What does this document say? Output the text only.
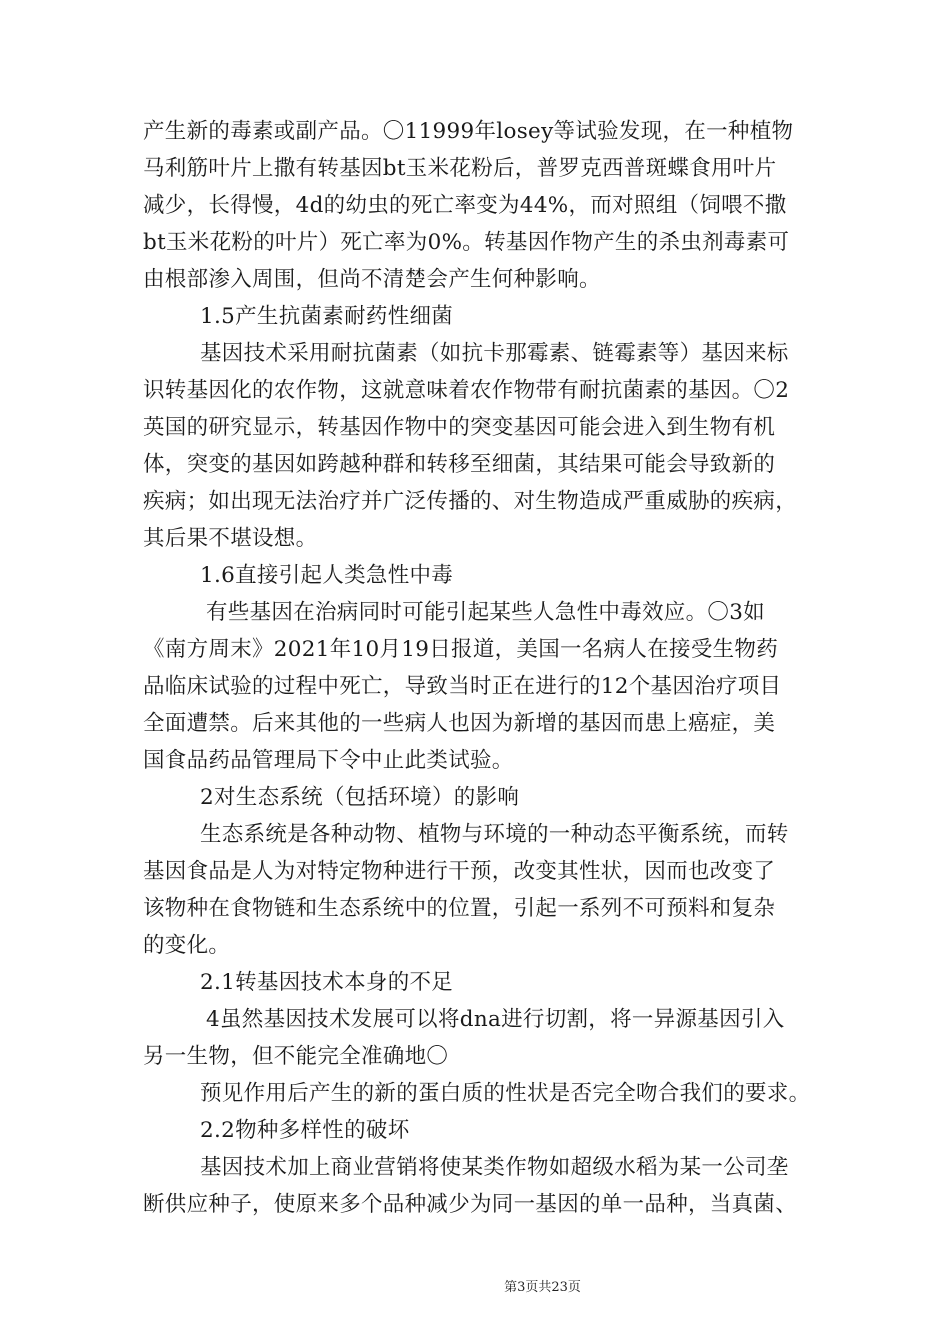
产生新的毒素或副产品。〇11999年losey等试验发现，在一种植物
马利筋叶片上撒有转基因bt玉米花粉后，普罗克西普斑蝶食用叶片
减少，长得慢，4d的幼虫的死亡率变为44%，而对照组（饲喂不撒
bt玉米花粉的叶片）死亡率为0%。转基因作物产生的杀虫剂毒素可
由根部渗入周围，但尚不清楚会产生何种影响。
1.5产生抗菌素耐药性细菌
基因技术采用耐抗菌素（如抗卡那霉素、链霉素等）基因来标
识转基因化的农作物，这就意味着农作物带有耐抗菌素的基因。〇2
英国的研究显示，转基因作物中的突变基因可能会进入到生物有机
体，突变的基因如跨越种群和转移至细菌，其结果可能会导致新的
疾病；如出现无法治疗并广泛传播的、对生物造成严重威胁的疾病，
其后果不堪设想。
1.6直接引起人类急性中毒
有些基因在治病同时可能引起某些人急性中毒效应。〇3如
《南方周末》2021年10月19日报道，美国一名病人在接受生物药
品临床试验的过程中死亡，导致当时正在进行的12个基因治疗项目
全面遭禁。后来其他的一些病人也因为新增的基因而患上癌症，美
国食品药品管理局下令中止此类试验。
2对生态系统（包括环境）的影响
生态系统是各种动物、植物与环境的一种动态平衡系统，而转
基因食品是人为对特定物种进行干预，改变其性状，因而也改变了
该物种在食物链和生态系统中的位置，引起一系列不可预料和复杂
的变化。
2.1转基因技术本身的不足
4虽然基因技术发展可以将dna进行切割，将一异源基因引入
另一生物，但不能完全准确地〇
预见作用后产生的新的蛋白质的性状是否完全吻合我们的要求。
2.2物种多样性的破坏
基因技术加上商业营销将使某类作物如超级水稻为某一公司垄
断供应种子，使原来多个品种减少为同一基因的单一品种，当真菌、
第3页共23页
